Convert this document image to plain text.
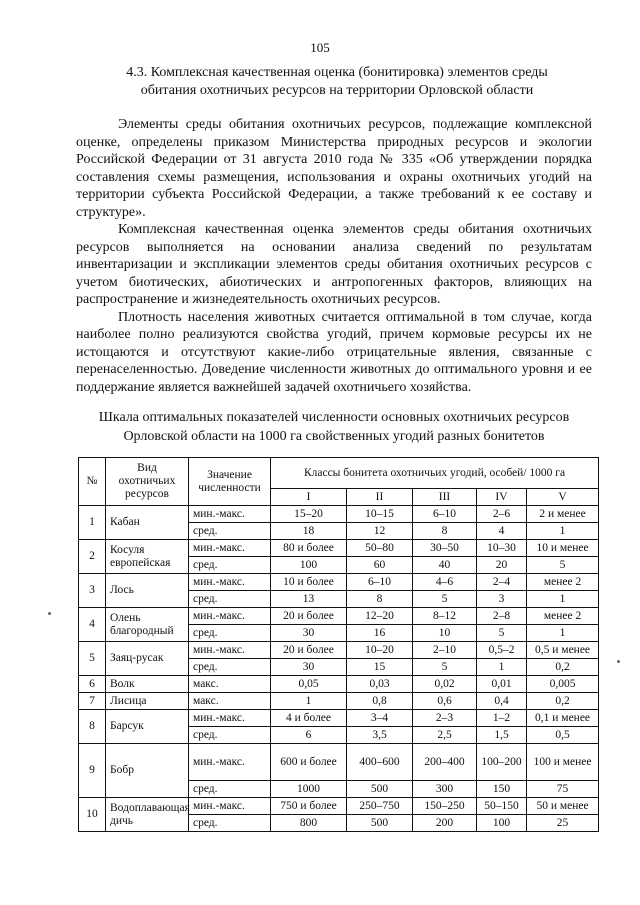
105
4.3. Комплексная качественная оценка (бонитировка) элементов среды
обитания охотничьих ресурсов на территории Орловской области

Элементы среды обитания охотничьих ресурсов, подлежащие комплексной оценке, определены приказом Министерства природных ресурсов и экологии Российской Федерации от 31 августа 2010 года № 335 «Об утверждении порядка составления схемы размещения, использования и охраны охотничьих угодий на территории субъекта Российской Федерации, а также требований к ее составу и структуре».

Комплексная качественная оценка элементов среды обитания охотничьих ресурсов выполняется на основании анализа сведений по результатам инвентаризации и экспликации элементов среды обитания охотничьих ресурсов с учетом биотических, абиотических и антропогенных факторов, влияющих на распространение и жизнедеятельность охотничьих ресурсов.

Плотность населения животных считается оптимальной в том случае, когда наиболее полно реализуются свойства угодий, причем кормовые ресурсы их не истощаются и отсутствуют какие-либо отрицательные явления, связанные с перенаселенностью. Доведение численности животных до оптимального уровня и ее поддержание является важнейшей задачей охотничьего хозяйства.

Шкала оптимальных показателей численности основных охотничьих ресурсов
Орловской области на 1000 га свойственных угодий разных бонитетов
№	Вид охотничьих ресурсов	Значение численности	Классы бонитета охотничьих угодий, особей/ 1000 га				
			I	II	III	IV	V
1	Кабан	мин.-макс.	15–20	10–15	6–10	2–6	2 и менее
		сред.	18	12	8	4	1
2	Косуля европейская	мин.-макс.	80 и более	50–80	30–50	10–30	10 и менее
		сред.	100	60	40	20	5
3	Лось	мин.-макс.	10 и более	6–10	4–6	2–4	менее 2
		сред.	13	8	5	3	1
4	Олень благородный	мин.-макс.	20 и более	12–20	8–12	2–8	менее 2
		сред.	30	16	10	5	1
5	Заяц-русак	мин.-макс.	20 и более	10–20	2–10	0,5–2	0,5 и менее
		сред.	30	15	5	1	0,2
6	Волк	макс.	0,05	0,03	0,02	0,01	0,005
7	Лисица	макс.	1	0,8	0,6	0,4	0,2
8	Барсук	мин.-макс.	4 и более	3–4	2–3	1–2	0,1 и менее
		сред.	6	3,5	2,5	1,5	0,5
9	Бобр	мин.-макс.	600 и более	400–600	200–400	100–200	100 и менее
		сред.	1000	500	300	150	75
10	Водоплавающая дичь	мин.-макс.	750 и более	250–750	150–250	50–150	50 и менее
		сред.	800	500	200	100	25
